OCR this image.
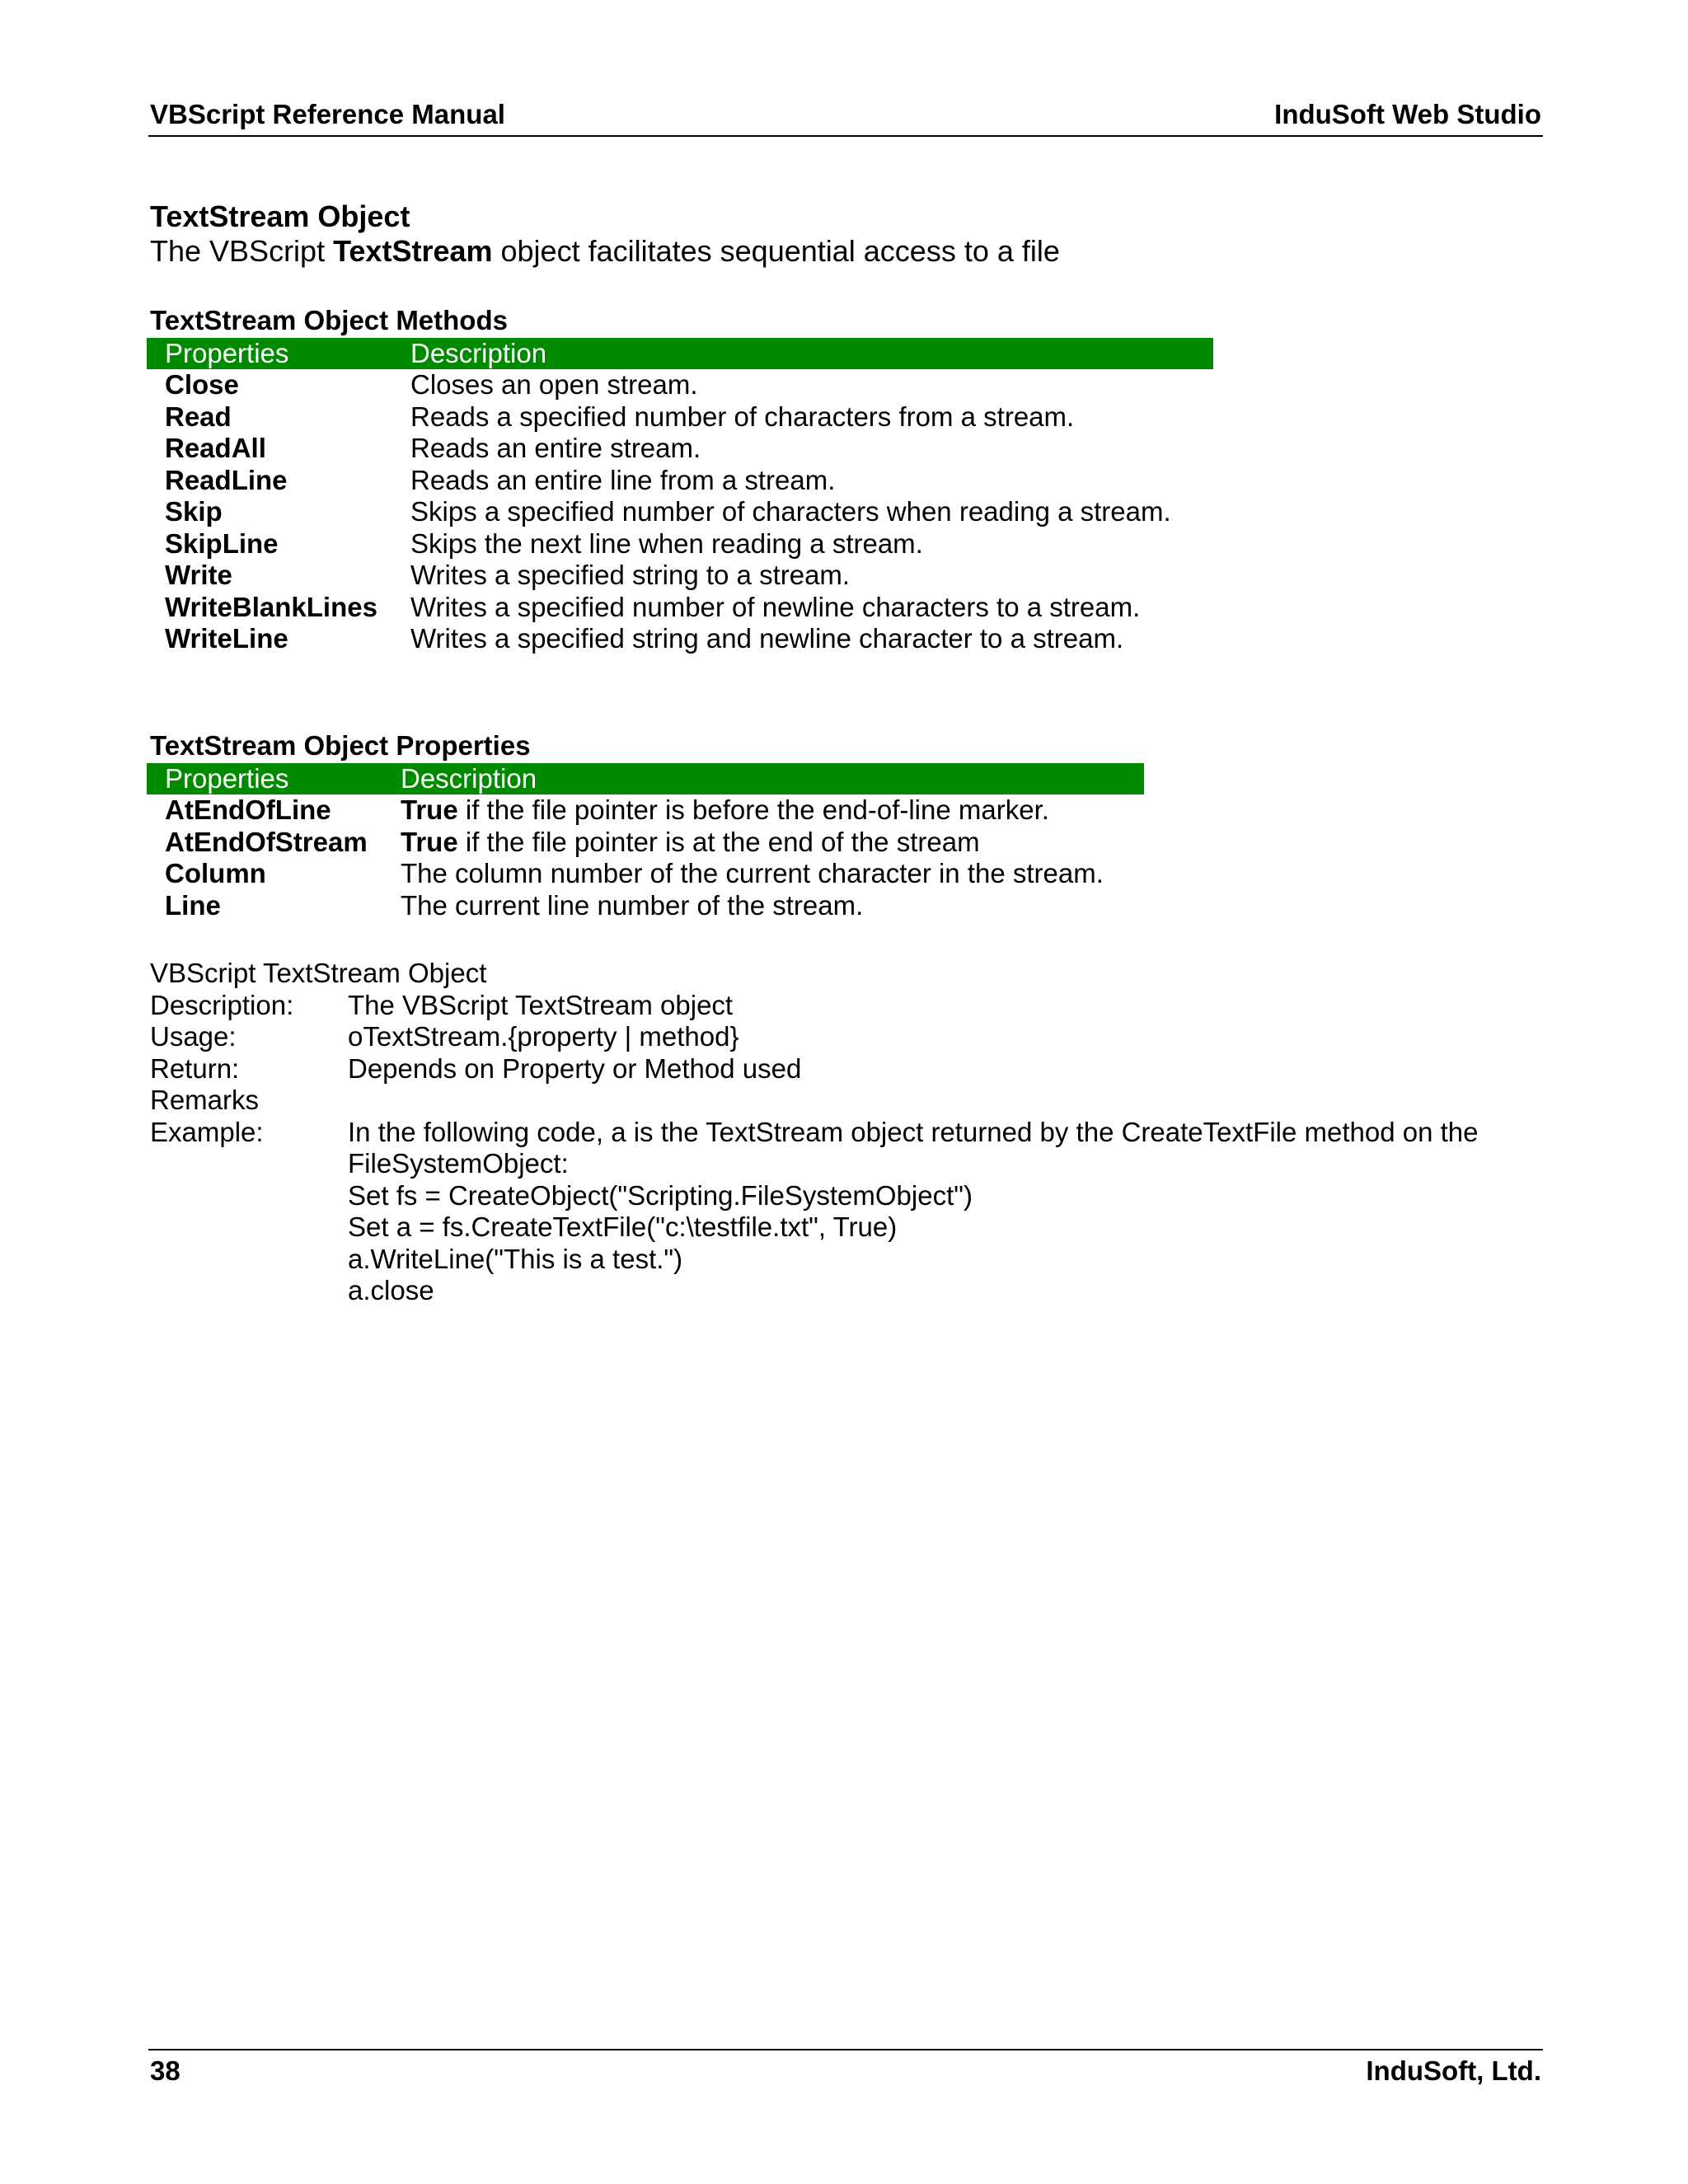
VBScript Reference Manual	InduSoft Web Studio
TextStream Object
The VBScript TextStream object facilitates sequential access to a file
TextStream Object Methods
Properties	Description
Close	Closes an open stream.
Read	Reads a specified number of characters from a stream.
ReadAll	Reads an entire stream.
ReadLine	Reads an entire line from a stream.
Skip	Skips a specified number of characters when reading a stream.
SkipLine	Skips the next line when reading a stream.
Write	Writes a specified string to a stream.
WriteBlankLines Writes a specified number of newline characters to a stream.
WriteLine	Writes a specified string and newline character to a stream.
TextStream Object Properties
Properties	Description
AtEndOfLine	True if the file pointer is before the end-of-line marker.
AtEndOfStream True if the file pointer is at the end of the stream
Column	The column number of the current character in the stream.
Line	The current line number of the stream.
VBScript TextStream Object
Description: The VBScript TextStream object
Usage:	oTextStream.{property | method}
Return:	Depends on Property or Method used
Remarks
Example:	In the following code, a is the TextStream object returned by the CreateTextFile method on the
FileSystemObject:
Set fs = CreateObject("Scripting.FileSystemObject")
Set a = fs.CreateTextFile("c:\testfile.txt", True)
a.WriteLine("This is a test.")
a.close
38	InduSoft, Ltd.
